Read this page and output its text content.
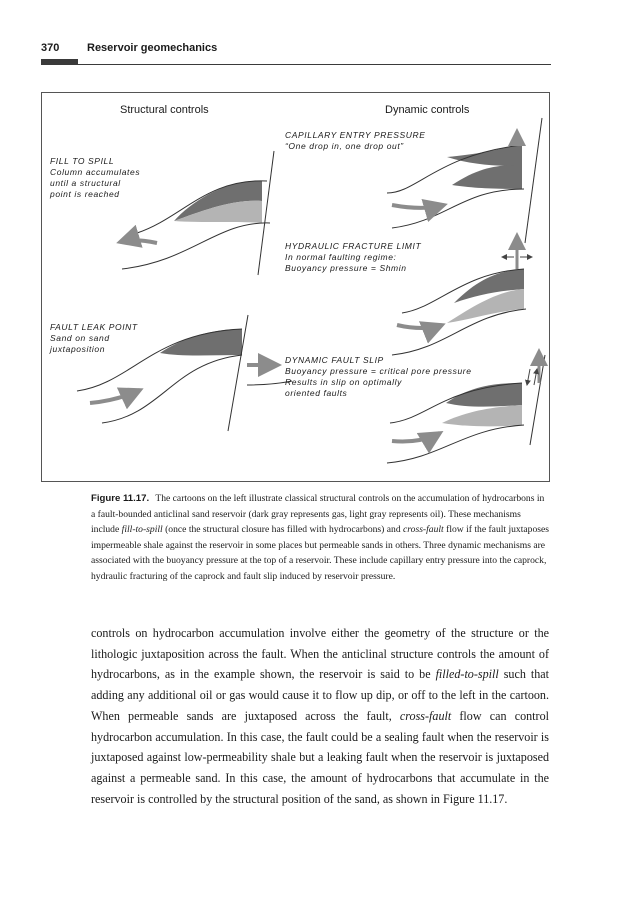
370	Reservoir geomechanics
Structural controls	Dynamic controls
FILL TO SPILL
Column accumulates
until a structural
point is reached
FAULT LEAK POINT
Sand on sand
juxtaposition
CAPILLARY ENTRY PRESSURE
“One drop in, one drop out”
HYDRAULIC FRACTURE LIMIT
In normal faulting regime:
Buoyancy pressure = Shmin
DYNAMIC FAULT SLIP
Buoyancy pressure = critical pore pressure
Results in slip on optimally
oriented faults
Figure 11.17. The cartoons on the left illustrate classical structural controls on the accumulation of hydrocarbons in a fault-bounded anticlinal sand reservoir (dark gray represents gas, light gray represents oil). These mechanisms include fill-to-spill (once the structural closure has filled with hydrocarbons) and cross-fault flow if the fault juxtaposes impermeable shale against the reservoir in some places but permeable sands in others. Three dynamic mechanisms are associated with the buoyancy pressure at the top of a reservoir. These include capillary entry pressure into the caprock, hydraulic fracturing of the caprock and fault slip induced by reservoir pressure.
controls on hydrocarbon accumulation involve either the geometry of the structure or the lithologic juxtaposition across the fault. When the anticlinal structure controls the amount of hydrocarbons, as in the example shown, the reservoir is said to be filled-to-spill such that adding any additional oil or gas would cause it to flow up dip, or off to the left in the cartoon. When permeable sands are juxtaposed across the fault, cross-fault flow can control hydrocarbon accumulation. In this case, the fault could be a sealing fault when the reservoir is juxtaposed against low-permeability shale but a leaking fault when the reservoir is juxtaposed against a permeable sand. In this case, the amount of hydrocarbons that accumulate in the reservoir is controlled by the structural position of the sand, as shown in Figure 11.17.
